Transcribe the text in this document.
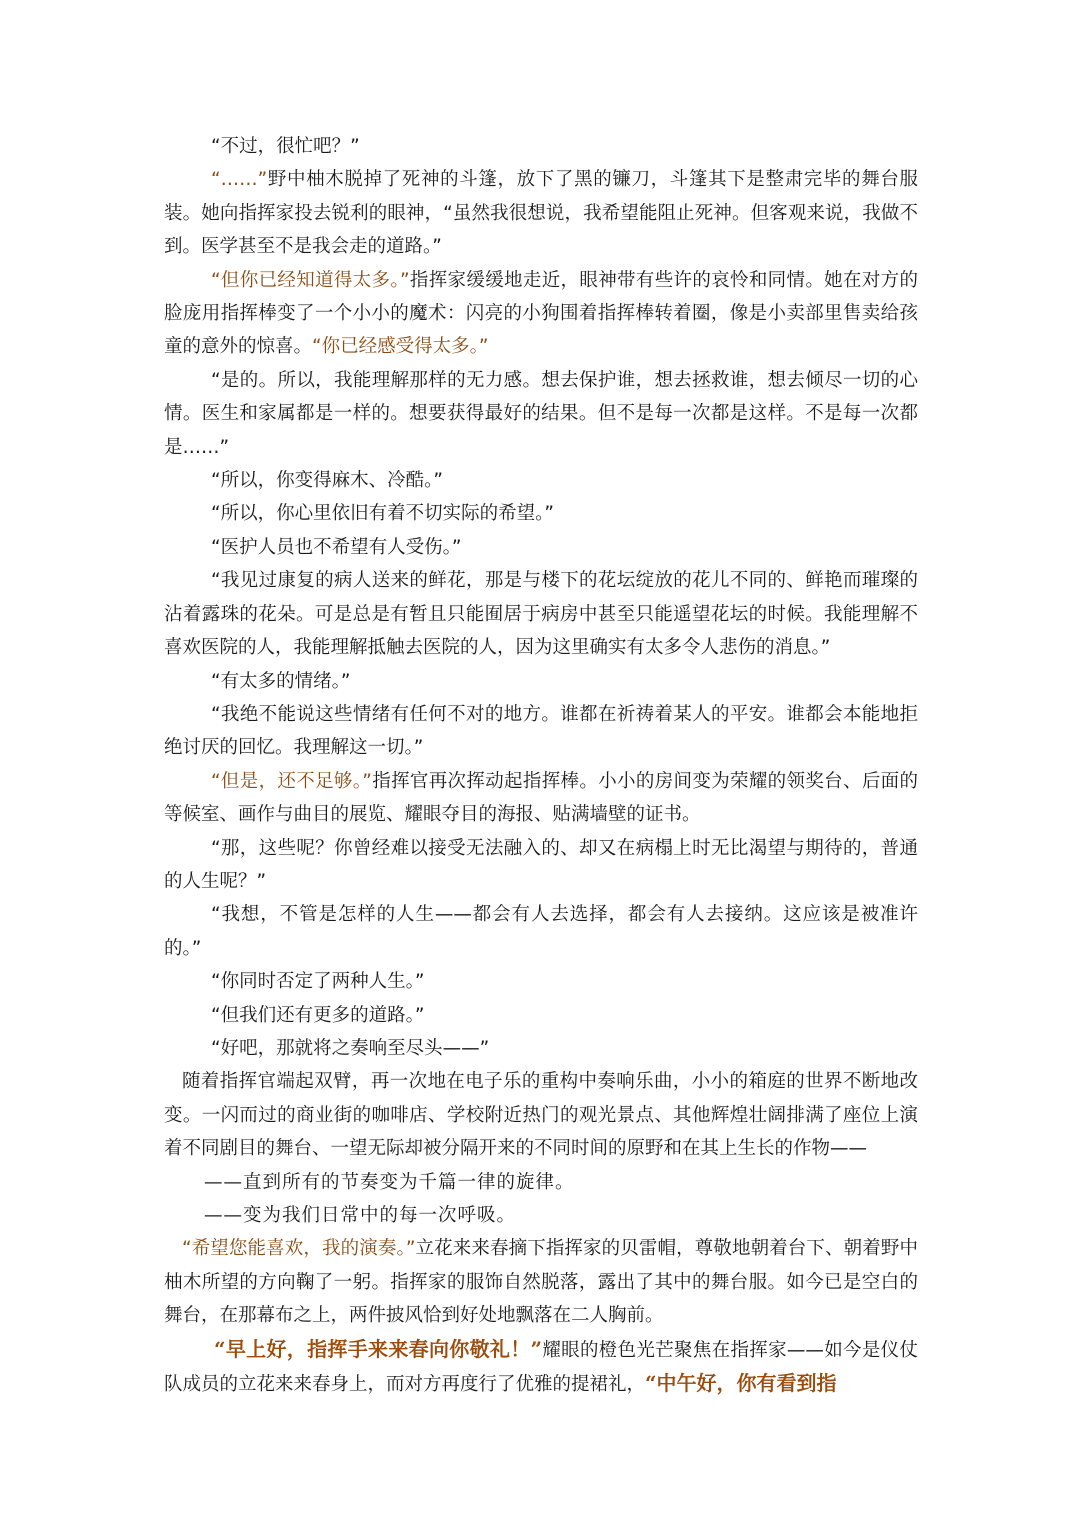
“不过，很忙吧？”

“……”野中柚木脱掉了死神的斗篷，放下了黑的镰刀，斗篷其下是整肃完毕的舞台服装。她向指挥家投去锐利的眼神，“虽然我很想说，我希望能阻止死神。但客观来说，我做不到。医学甚至不是我会走的道路。”

“但你已经知道得太多。”指挥家缓缓地走近，眼神带有些许的哀怜和同情。她在对方的脸庞用指挥棒变了一个小小的魔术：闪亮的小狗围着指挥棒转着圈，像是小卖部里售卖给孩童的意外的惊喜。“你已经感受得太多。”

“是的。所以，我能理解那样的无力感。想去保护谁，想去拯救谁，想去倾尽一切的心情。医生和家属都是一样的。想要获得最好的结果。但不是每一次都是这样。不是每一次都是……”

“所以，你变得麻木、冷酷。”

“所以，你心里依旧有着不切实际的希望。”

“医护人员也不希望有人受伤。”

“我见过康复的病人送来的鲜花，那是与楼下的花坛绽放的花儿不同的、鲜艳而璀璨的沾着露珠的花朵。可是总是有暂且只能囿居于病房中甚至只能遥望花坛的时候。我能理解不喜欢医院的人，我能理解抵触去医院的人，因为这里确实有太多令人悲伤的消息。”

“有太多的情绪。”

“我绝不能说这些情绪有任何不对的地方。谁都在祈祷着某人的平安。谁都会本能地拒绝讨厌的回忆。我理解这一切。”

“但是，还不足够。”指挥官再次挥动起指挥棒。小小的房间变为荣耀的领奖台、后面的等候室、画作与曲目的展览、耀眼夺目的海报、贴满墙壁的证书。

“那，这些呢？你曾经难以接受无法融入的、却又在病榻上时无比渴望与期待的，普通的人生呢？”

“我想，不管是怎样的人生——都会有人去选择，都会有人去接纳。这应该是被准许的。”

“你同时否定了两种人生。”

“但我们还有更多的道路。”

“好吧，那就将之奏响至尽头——”

随着指挥官端起双臂，再一次地在电子乐的重构中奏响乐曲，小小的箱庭的世界不断地改变。一闪而过的商业街的咖啡店、学校附近热门的观光景点、其他辉煌壮阔排满了座位上演着不同剧目的舞台、一望无际却被分隔开来的不同时间的原野和在其上生长的作物——

——直到所有的节奏变为千篇一律的旋律。

——变为我们日常中的每一次呼吸。

“希望您能喜欢，我的演奏。”立花来来春摘下指挥家的贝雷帽，尊敬地朝着台下、朝着野中柚木所望的方向鞠了一躬。指挥家的服饰自然脱落，露出了其中的舞台服。如今已是空白的舞台，在那幕布之上，两件披风恰到好处地飘落在二人胸前。

“早上好，指挥手来来春向你敬礼！”耀眼的橙色光芒聚焦在指挥家——如今是仪仗队成员的立花来来春身上，而对方再度行了优雅的提裙礼，“中午好，你有看到指
